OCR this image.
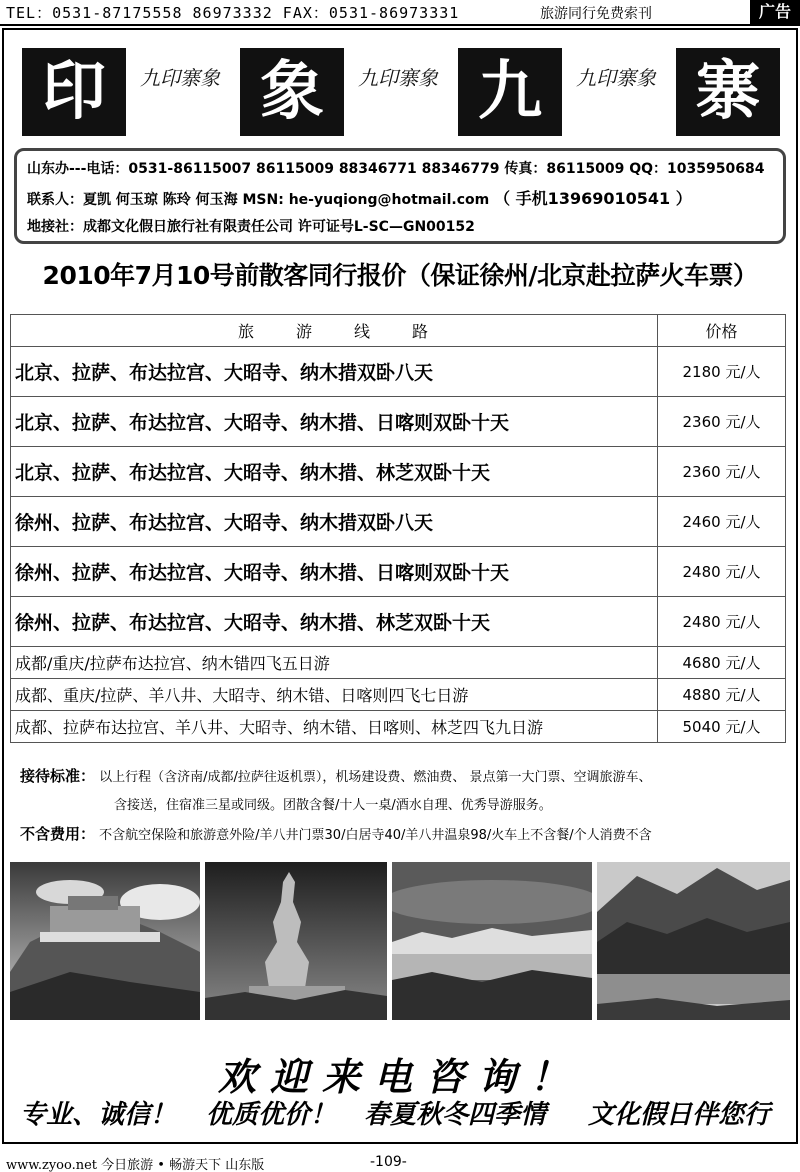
TEL：0531-87175558 86973332 FAX：0531-86973331	旅游同行免费索刊	广告
印	九印寨象 象	九印寨象 九	九印寨象 寨
山东办---电话：0531-86115007 86115009 88346771 88346779 传真：86115009 QQ：1035950684
联系人：夏凯 何玉琼 陈玲 何玉海 MSN: he-yuqiong@hotmail.com （ 手机13969010541 ）
地接社：成都文化假日旅行社有限责任公司 许可证号L-SC—GN00152
2010年7月10号前散客同行报价（保证徐州/北京赴拉萨火车票）
旅游线路	价格
北京、拉萨、布达拉宫、大昭寺、纳木措双卧八天	2180 元/人
北京、拉萨、布达拉宫、大昭寺、纳木措、日喀则双卧十天	2360 元/人
北京、拉萨、布达拉宫、大昭寺、纳木措、林芝双卧十天	2360 元/人
徐州、拉萨、布达拉宫、大昭寺、纳木措双卧八天	2460 元/人
徐州、拉萨、布达拉宫、大昭寺、纳木措、日喀则双卧十天	2480 元/人
徐州、拉萨、布达拉宫、大昭寺、纳木措、林芝双卧十天	2480 元/人
成都/重庆/拉萨布达拉宫、纳木错四飞五日游	4680 元/人
成都、重庆/拉萨、羊八井、大昭寺、纳木错、日喀则四飞七日游	4880 元/人
成都、拉萨布达拉宫、羊八井、大昭寺、纳木错、日喀则、林芝四飞九日游	5040 元/人
接待标准： 以上行程（含济南/成都/拉萨往返机票），机场建设费、燃油费、 景点第一大门票、空调旅游车、
含接送，住宿准三星或同级。团散含餐/十人一桌/酒水自理、优秀导游服务。
不含费用： 不含航空保险和旅游意外险/羊八井门票30/白居寺40/羊八井温泉98/火车上不含餐/个人消费不含
欢迎来电咨询！
专业、诚信！ 优质优价！ 春夏秋冬四季情 文化假日伴您行
www.zyoo.net 今日旅游 • 畅游天下 山东版	-109-
